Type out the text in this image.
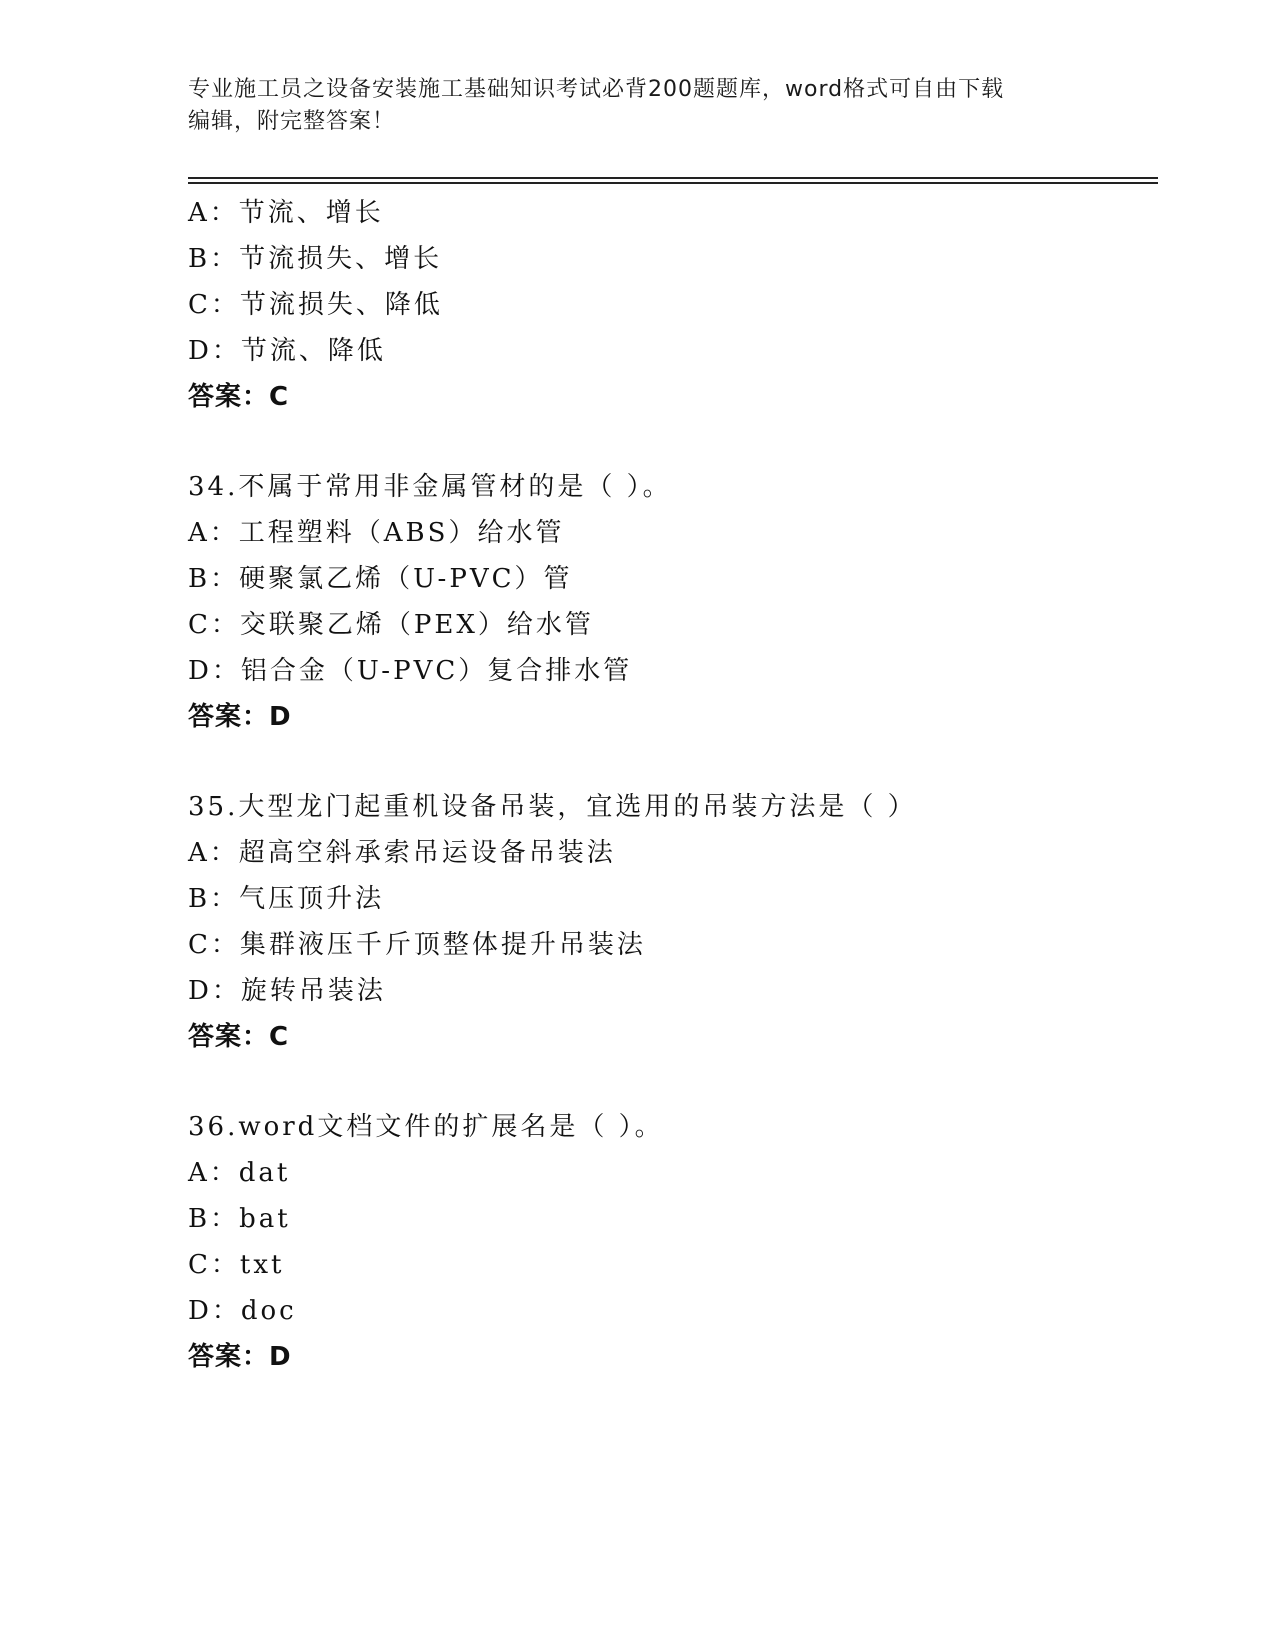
专业施工员之设备安装施工基础知识考试必背200题题库，word格式可自由下载
编辑，附完整答案！
A：节流、增长
B：节流损失、增长
C：节流损失、降低
D：节流、降低
答案：C
34.不属于常用非金属管材的是（ ）。
A：工程塑料（ABS）给水管
B：硬聚氯乙烯（U-PVC）管
C：交联聚乙烯（PEX）给水管
D：铝合金（U-PVC）复合排水管
答案：D
35.大型龙门起重机设备吊装，宜选用的吊装方法是（ ）
A：超高空斜承索吊运设备吊装法
B：气压顶升法
C：集群液压千斤顶整体提升吊装法
D：旋转吊装法
答案：C
36.word文档文件的扩展名是（ ）。
A：dat
B：bat
C：txt
D：doc
答案：D
